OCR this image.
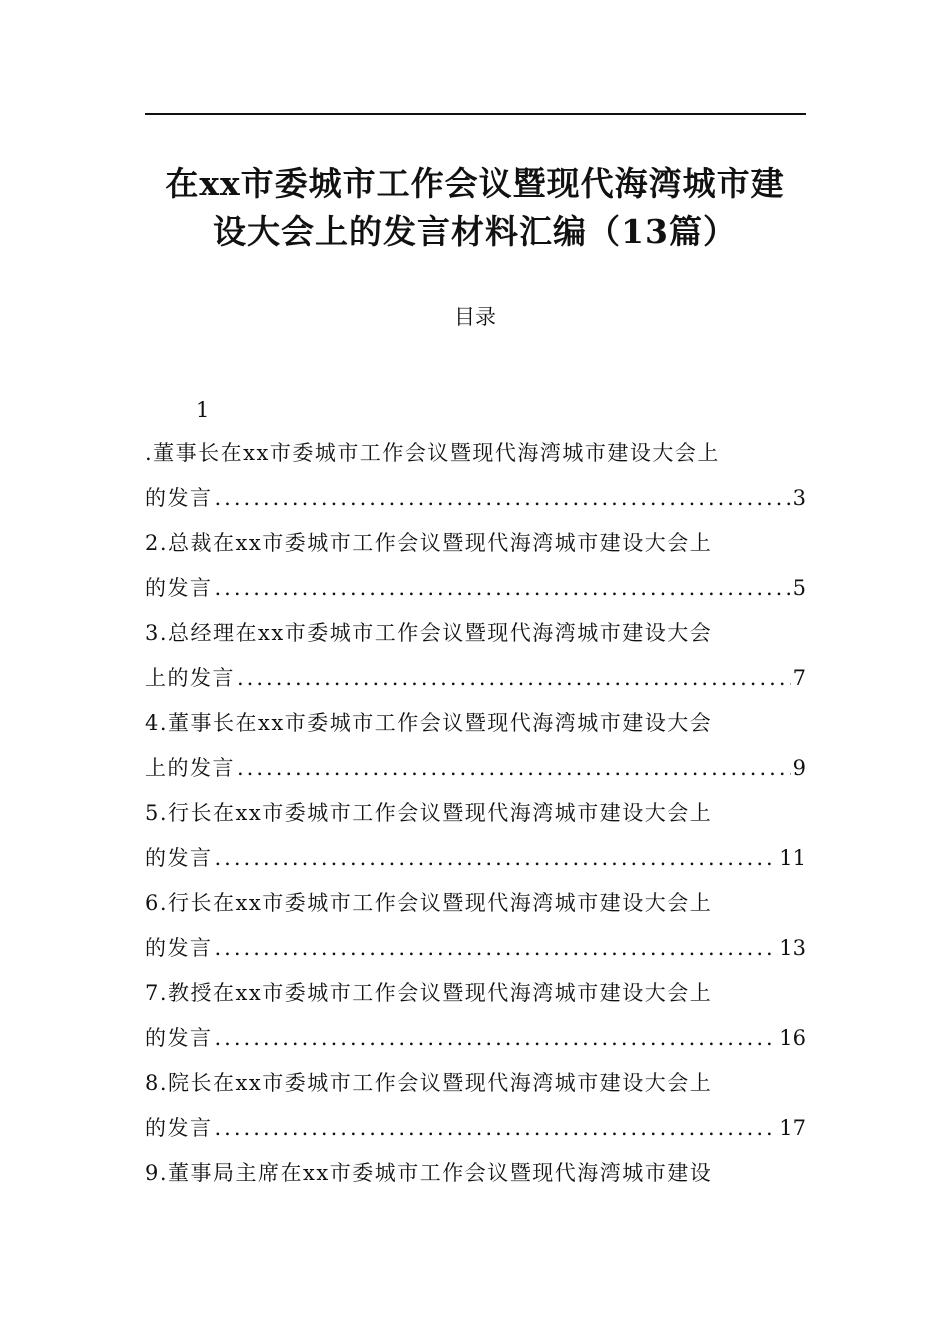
在xx市委城市工作会议暨现代海湾城市建
设大会上的发言材料汇编（13篇）
目录
1
.董事长在xx市委城市工作会议暨现代海湾城市建设大会上
的发言 .....	3
2.总裁在xx市委城市工作会议暨现代海湾城市建设大会上
的发言 .....	5
3.总经理在xx市委城市工作会议暨现代海湾城市建设大会
上的发言 .....	7
4.董事长在xx市委城市工作会议暨现代海湾城市建设大会
上的发言 .....	9
5.行长在xx市委城市工作会议暨现代海湾城市建设大会上
的发言 .....	11
6.行长在xx市委城市工作会议暨现代海湾城市建设大会上
的发言 .....	13
7.教授在xx市委城市工作会议暨现代海湾城市建设大会上
的发言 .....	16
8.院长在xx市委城市工作会议暨现代海湾城市建设大会上
的发言 .....	17
9.董事局主席在xx市委城市工作会议暨现代海湾城市建设
